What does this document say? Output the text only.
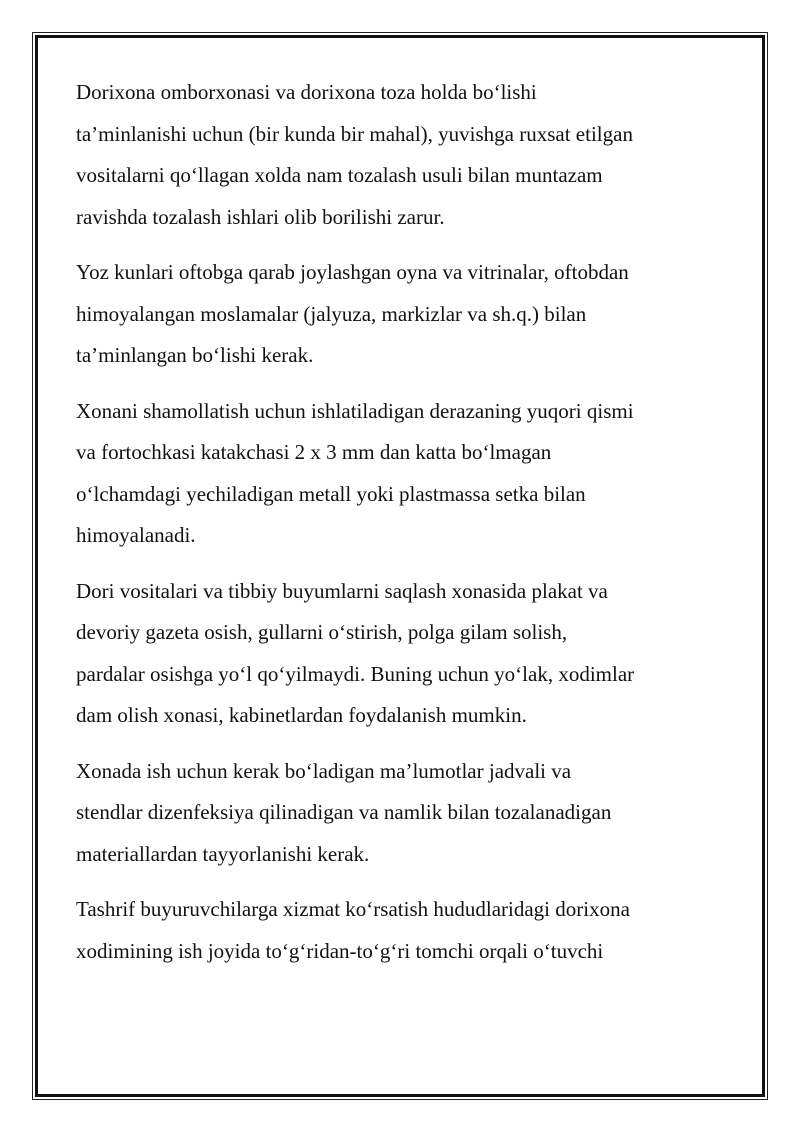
Dorixona omborxonasi va dorixona toza holda boʻlishi
ta’minlanishi uchun (bir kunda bir mahal), yuvishga ruxsat etilgan
vositalarni qoʻllagan xolda nam tozalash usuli bilan muntazam
ravishda tozalash ishlari olib borilishi zarur.

Yoz kunlari oftobga qarab joylashgan oyna va vitrinalar, oftobdan
himoyalangan moslamalar (jalyuza, markizlar va sh.q.) bilan
ta’minlangan boʻlishi kerak.

Xonani shamollatish uchun ishlatiladigan derazaning yuqori qismi
va fortochkasi katakchasi 2 x 3 mm dan katta boʻlmagan
oʻlchamdagi yechiladigan metall yoki plastmassa setka bilan
himoyalanadi.

Dori vositalari va tibbiy buyumlarni saqlash xonasida plakat va
devoriy gazeta osish, gullarni oʻstirish, polga gilam solish,
pardalar osishga yoʻl qoʻyilmaydi. Buning uchun yoʻlak, xodimlar
dam olish xonasi, kabinetlardan foydalanish mumkin.

Xonada ish uchun kerak boʻladigan ma’lumotlar jadvali va
stendlar dizenfeksiya qilinadigan va namlik bilan tozalanadigan
materiallardan tayyorlanishi kerak.

Tashrif buyuruvchilarga xizmat koʻrsatish hududlaridagi dorixona
xodimining ish joyida toʻgʻridan-toʻgʻri tomchi orqali oʻtuvchi
